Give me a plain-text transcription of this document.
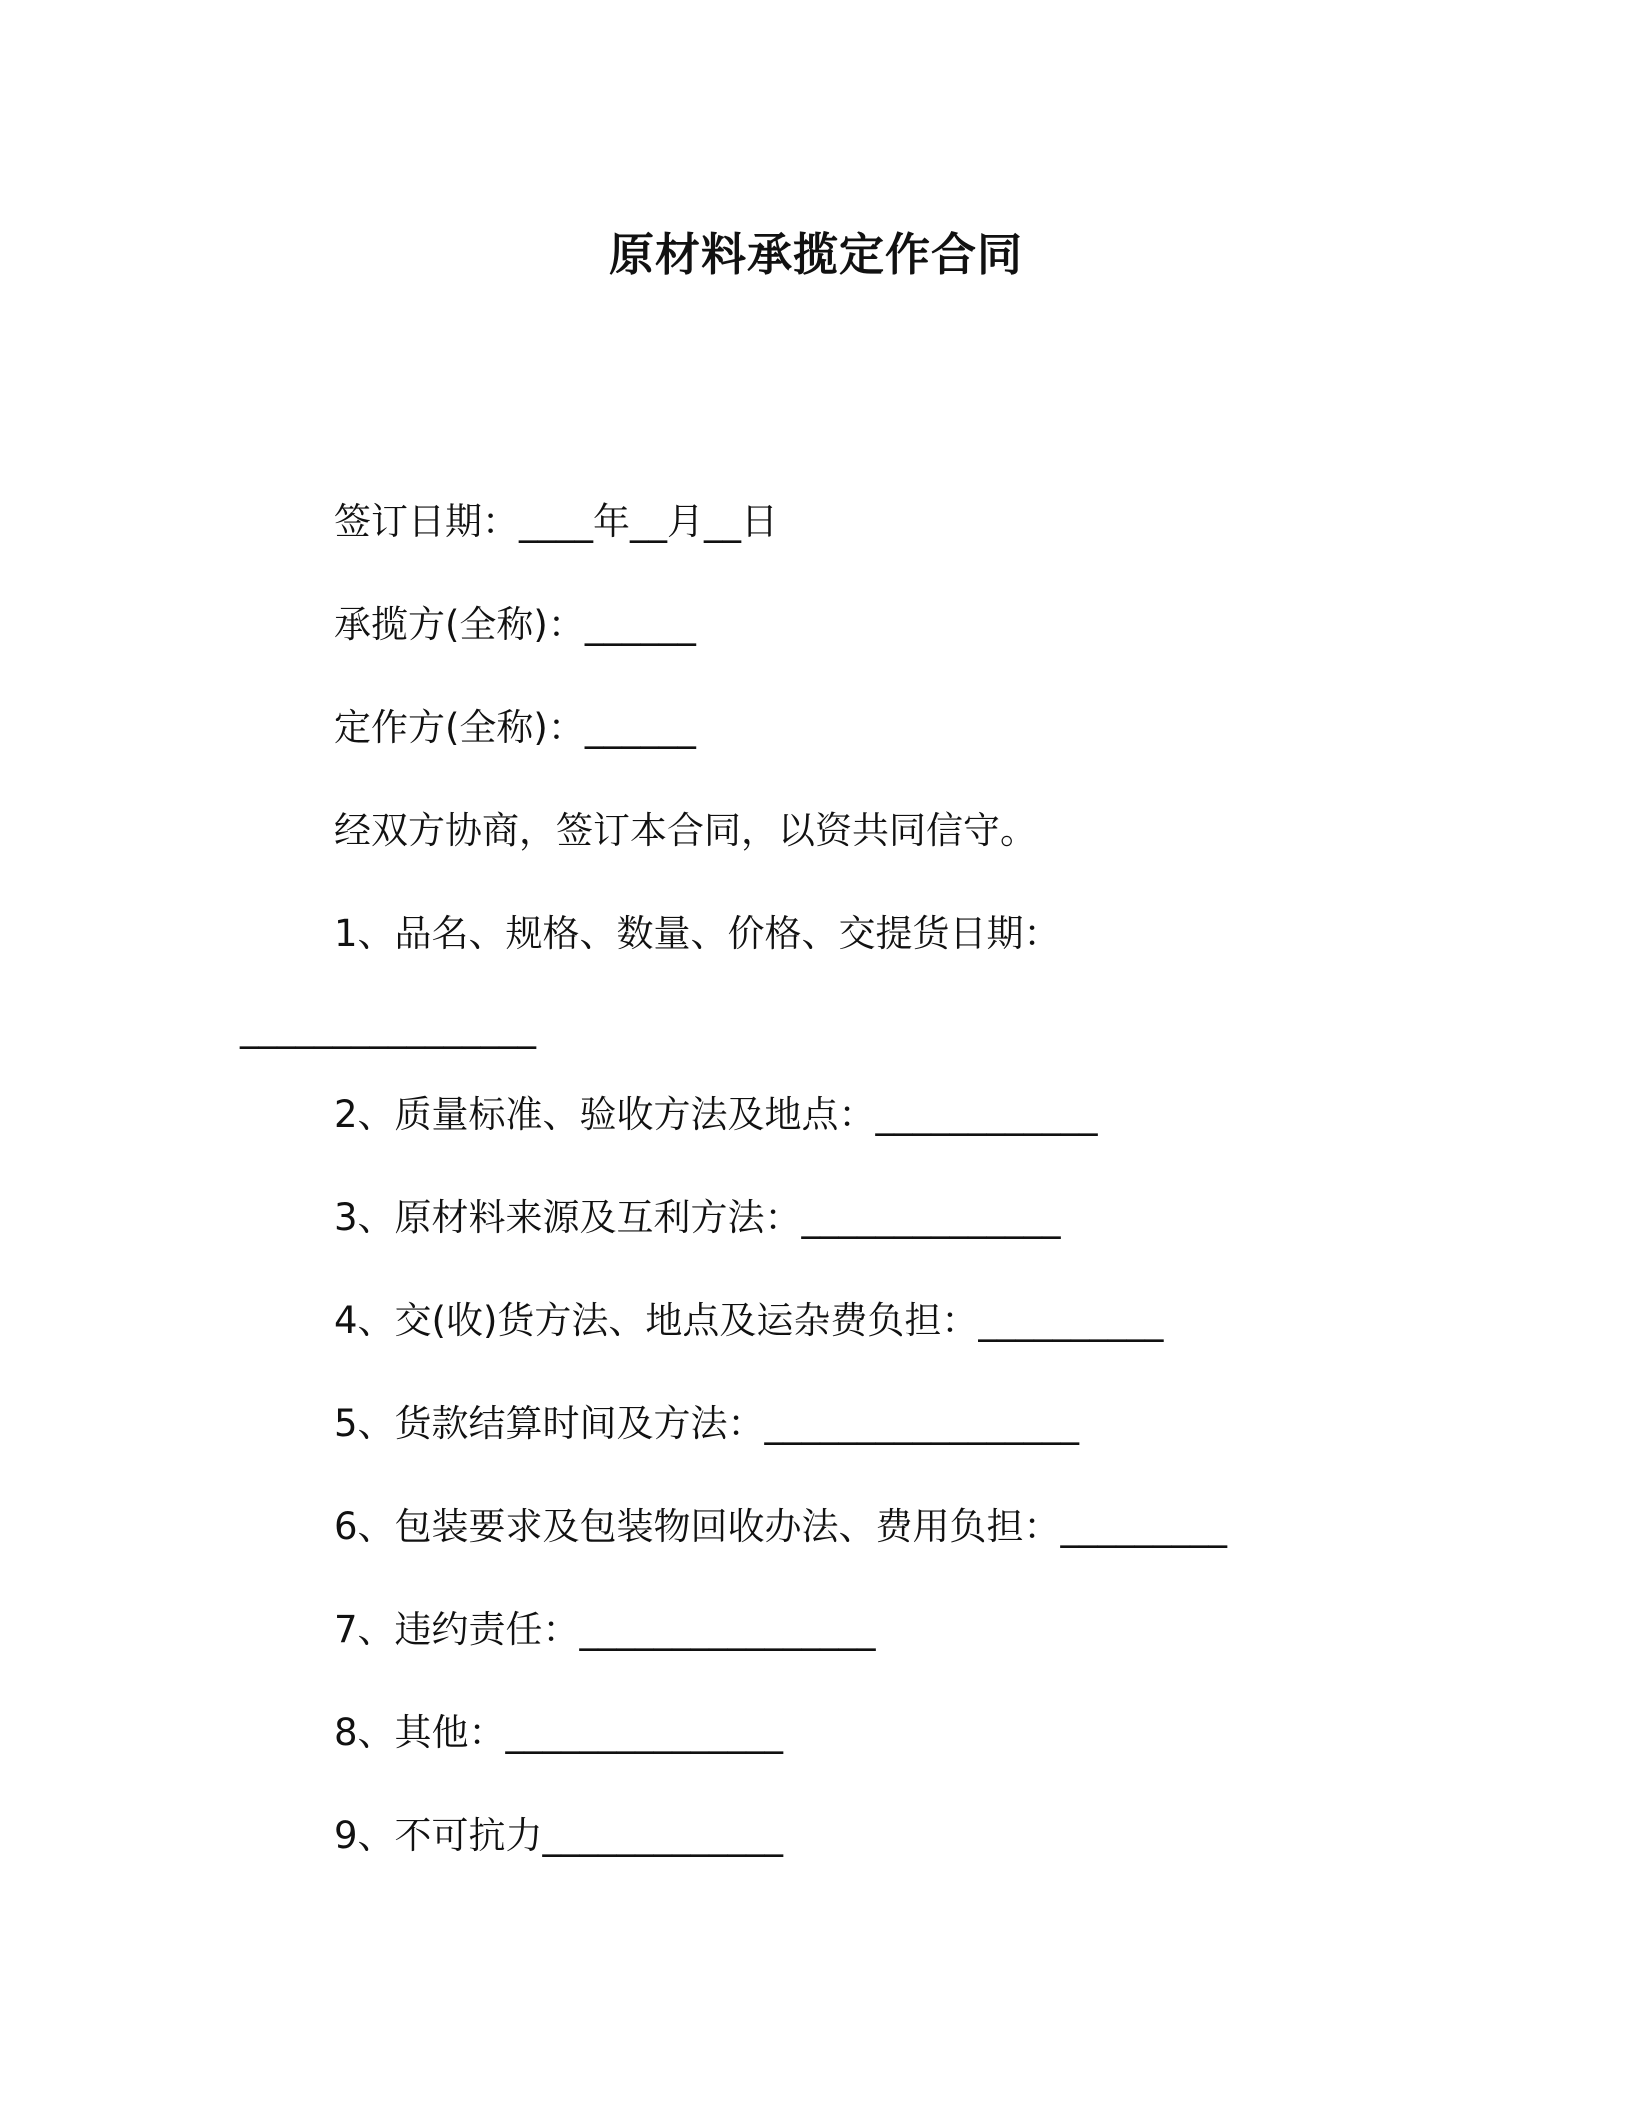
原材料承揽定作合同
签订日期：____年__月__日
承揽方(全称)：______
定作方(全称)：______
经双方协商，签订本合同，以资共同信守。
1、品名、规格、数量、价格、交提货日期：
________________
2、质量标准、验收方法及地点：____________
3、原材料来源及互利方法：______________
4、交(收)货方法、地点及运杂费负担：__________
5、货款结算时间及方法：_________________
6、包装要求及包装物回收办法、费用负担：_________
7、违约责任：________________
8、其他：_______________
9、不可抗力_____________
